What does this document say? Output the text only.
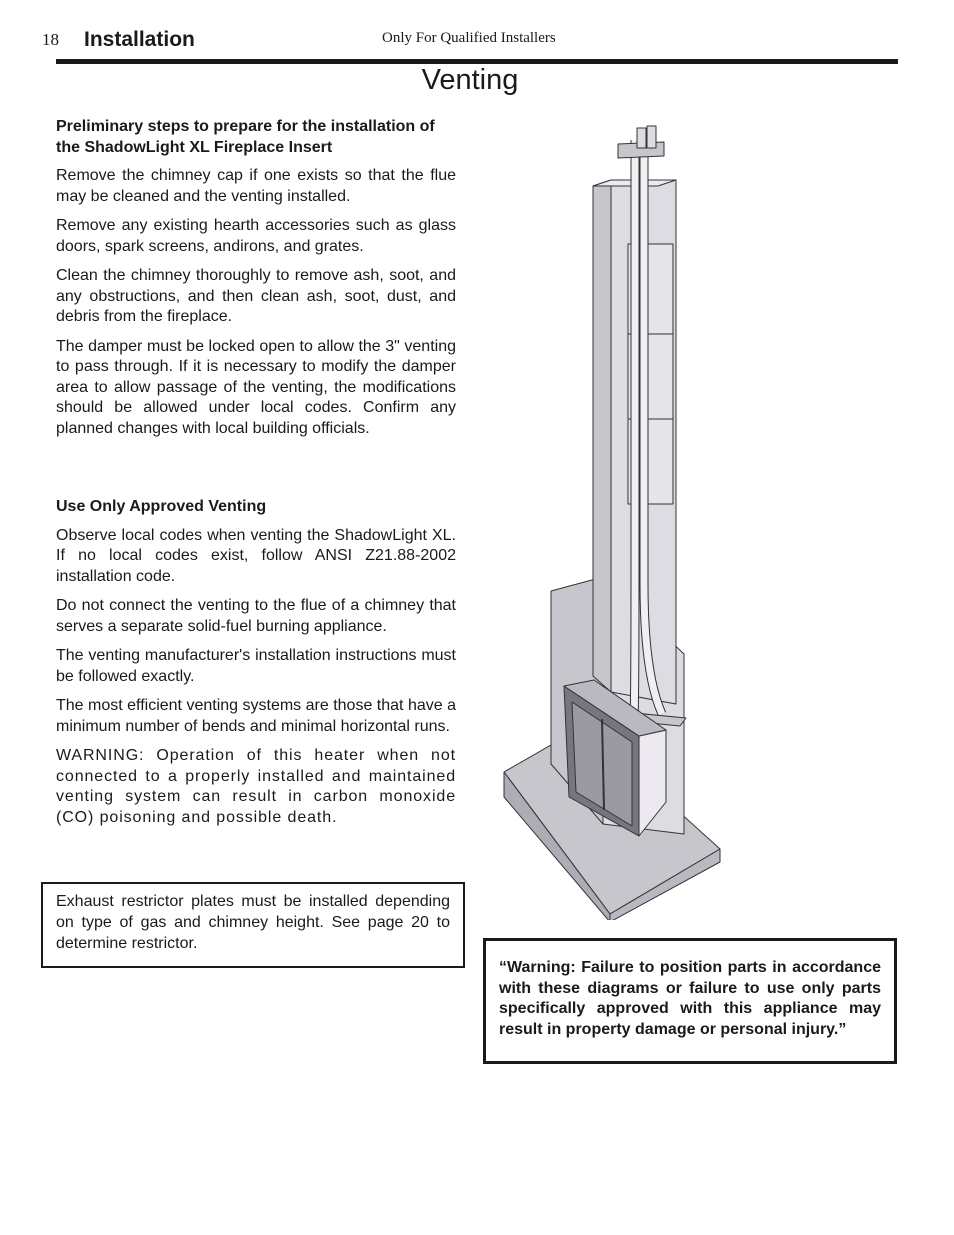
18 Installation	Only For Qualified Installers
Venting
Preliminary steps to prepare for the installation of the ShadowLight XL Fireplace Insert

Remove the chimney cap if one exists so that the flue may be cleaned and the venting installed.

Remove any existing hearth accessories such as glass doors, spark screens, andirons, and grates.

Clean the chimney thoroughly to remove ash, soot, and any obstructions, and then clean ash, soot, dust, and debris from the fireplace.

The damper must be locked open to allow the 3" venting to pass through. If it is necessary to modify the damper area to allow passage of the venting, the modifications should be allowed under local codes. Confirm any planned changes with local building officials.

Use Only Approved Venting

Observe local codes when venting the ShadowLight XL. If no local codes exist, follow ANSI Z21.88-2002 installation code.

Do not connect the venting to the flue of a chimney that serves a separate solid-fuel burning appliance.

The venting manufacturer's installation instructions must be followed exactly.

The most efficient venting systems are those that have a minimum number of bends and minimal horizontal runs.

WARNING: Operation of this heater when not connected to a properly installed and maintained venting system can result in carbon monoxide (CO) poisoning and possible death.

Exhaust restrictor plates must be installed depending on type of gas and chimney height. See page 20 to determine restrictor.
“Warning: Failure to position parts in accordance with these diagrams or failure to use only parts specifically approved with this appliance may result in property damage or personal injury.”
